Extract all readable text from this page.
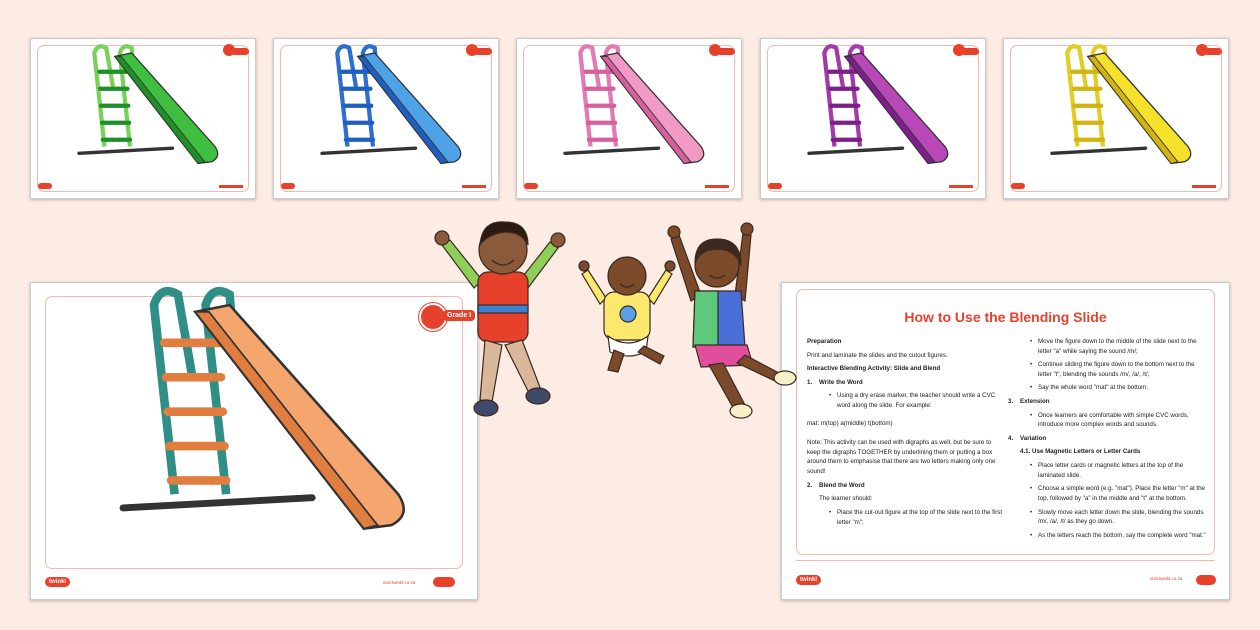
Grade I
twinkl	visit twinkl.co.za
How to Use the Blending Slide

Preparation

Print and laminate the slides and the cutout figures.

Interactive Blending Activity: Slide and Blend

1. Write the Word

• Using a dry erase marker, the teacher should write a CVC word along the slide. For example:

mat: m(top) a(middle) t(bottom)

Note: This activity can be used with digraphs as well, but be sure to keep the digraphs TOGETHER by underlining them or putting a box around them to emphasise that there are two letters making only one sound!

2. Blend the Word

The learner should:

• Place the cut-out figure at the top of the slide next to the first letter "m";

• Move the figure down to the middle of the slide next to the letter "a" while saying the sound /m/;

• Continue sliding the figure down to the bottom next to the letter "t", blending the sounds /m/, /a/, /t/;

• Say the whole word "mat" at the bottom.

3. Extension

• Once learners are comfortable with simple CVC words, introduce more complex words and sounds.

4. Variation

4.1. Use Magnetic Letters or Letter Cards

• Place letter cards or magnetic letters at the top of the laminated slide.

• Choose a simple word (e.g. "mat"). Place the letter "m" at the top, followed by "a" in the middle and "t" at the bottom.

• Slowly move each letter down the slide, blending the sounds /m/, /a/, /t/ as they go down.

• As the letters reach the bottom, say the complete word "mat."

twinkl	visit twinkl.co.za
